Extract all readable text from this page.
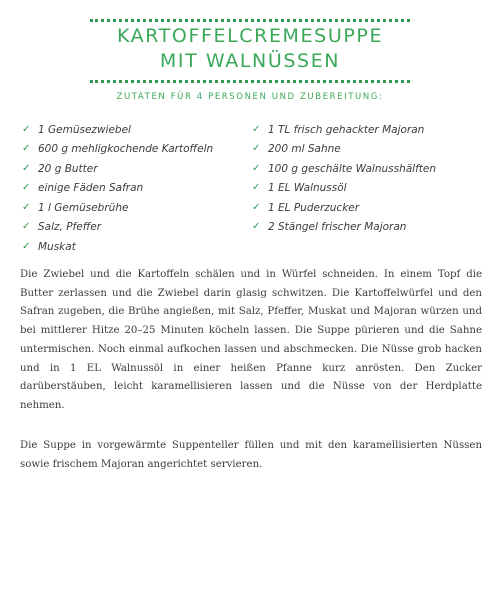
KARTOFFELCREMESUPPE
MIT WALNÜSSEN
ZUTATEN FÜR 4 PERSONEN UND ZUBEREITUNG:
✓ 1 Gemüsezwiebel
✓ 600 g mehligkochende Kartoffeln
✓ 20 g Butter
✓ einige Fäden Safran
✓ 1 l Gemüsebrühe
✓ Salz, Pfeffer
✓ Muskat
✓ 1 TL frisch gehackter Majoran
✓ 200 ml Sahne
✓ 100 g geschälte Walnusshälften
✓ 1 EL Walnussöl
✓ 1 EL Puderzucker
✓ 2 Stängel frischer Majoran

Die Zwiebel und die Kartoffeln schälen und in Würfel schneiden. In einem Topf die Butter zerlassen und die Zwiebel darin glasig schwitzen. Die Kartoffelwürfel und den Safran zugeben, die Brühe angießen, mit Salz, Pfeffer, Muskat und Majoran würzen und bei mittlerer Hitze 20–25 Minuten köcheln lassen. Die Suppe pürieren und die Sahne untermischen. Noch einmal aufkochen lassen und abschmecken. Die Nüsse grob hacken und in 1 EL Walnussöl in einer heißen Pfanne kurz anrösten. Den Zucker darüberstäuben, leicht karamellisieren lassen und die Nüsse von der Herdplatte nehmen.

Die Suppe in vorgewärmte Suppenteller füllen und mit den karamellisierten Nüssen sowie frischem Majoran angerichtet servieren.
